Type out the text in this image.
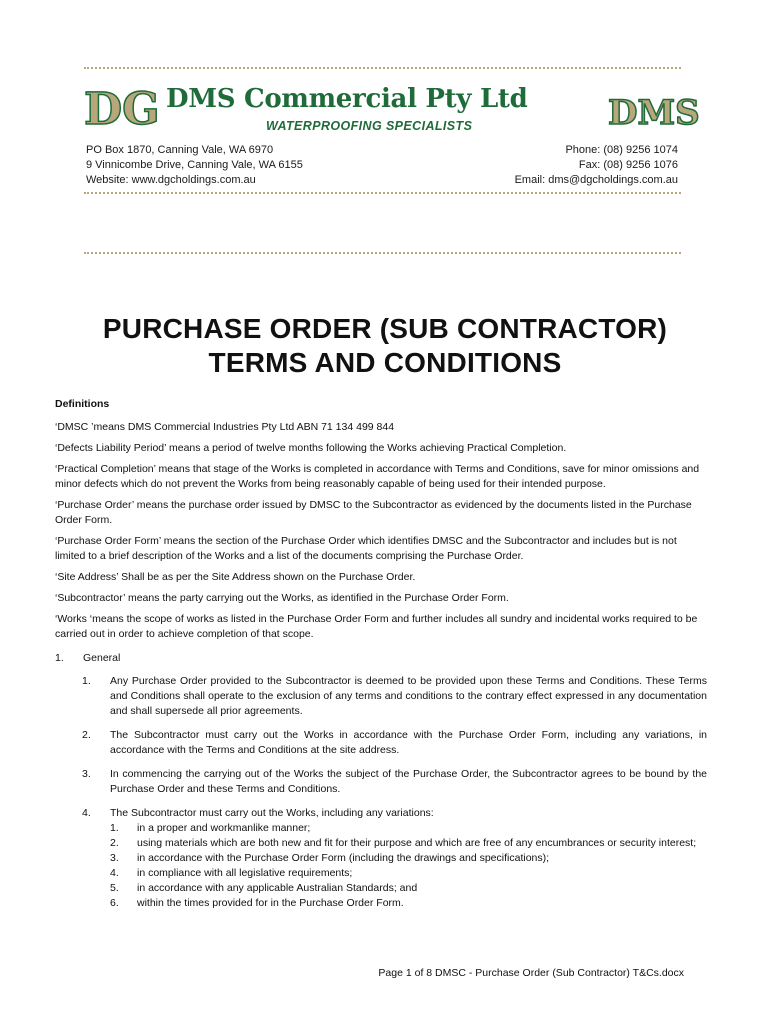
DG DMS Commercial Pty Ltd
WATERPROOFING SPECIALISTS	DMS
PO Box 1870, Canning Vale, WA 6970
9 Vinnicombe Drive, Canning Vale, WA 6155
Website: www.dgcholdings.com.au
Phone: (08) 9256 1074
Fax: (08) 9256 1076
Email: dms@dgcholdings.com.au
PURCHASE ORDER (SUB CONTRACTOR)
TERMS AND CONDITIONS

Definitions

‘DMSC ’means DMS Commercial Industries Pty Ltd ABN 71 134 499 844

‘Defects Liability Period’ means a period of twelve months following the Works achieving Practical Completion.

‘Practical Completion’ means that stage of the Works is completed in accordance with Terms and Conditions, save for minor omissions and minor defects which do not prevent the Works from being reasonably capable of being used for their intended purpose.

‘Purchase Order’ means the purchase order issued by DMSC to the Subcontractor as evidenced by the documents listed in the Purchase Order Form.

‘Purchase Order Form’ means the section of the Purchase Order which identifies DMSC and the Subcontractor and includes but is not limited to a brief description of the Works and a list of the documents comprising the Purchase Order.

‘Site Address’ Shall be as per the Site Address shown on the Purchase Order.

‘Subcontractor’ means the party carrying out the Works, as identified in the Purchase Order Form.

‘Works ‘means the scope of works as listed in the Purchase Order Form and further includes all sundry and incidental works required to be carried out in order to achieve completion of that scope.

1.	General
1.	Any Purchase Order provided to the Subcontractor is deemed to be provided upon these Terms and Conditions. These Terms and Conditions shall operate to the exclusion of any terms and conditions to the contrary effect expressed in any documentation and shall supersede all prior agreements.
2.	The Subcontractor must carry out the Works in accordance with the Purchase Order Form, including any variations, in accordance with the Terms and Conditions at the site address.
3.	In commencing the carrying out of the Works the subject of the Purchase Order, the Subcontractor agrees to be bound by the Purchase Order and these Terms and Conditions.
4.	The Subcontractor must carry out the Works, including any variations:
1.	in a proper and workmanlike manner;
2.	using materials which are both new and fit for their purpose and which are free of any encumbrances or security interest;
3.	in accordance with the Purchase Order Form (including the drawings and specifications);
4.	in compliance with all legislative requirements;
5.	in accordance with any applicable Australian Standards; and
6.	within the times provided for in the Purchase Order Form.
Page 1 of 8 DMSC - Purchase Order (Sub Contractor) T&Cs.docx
